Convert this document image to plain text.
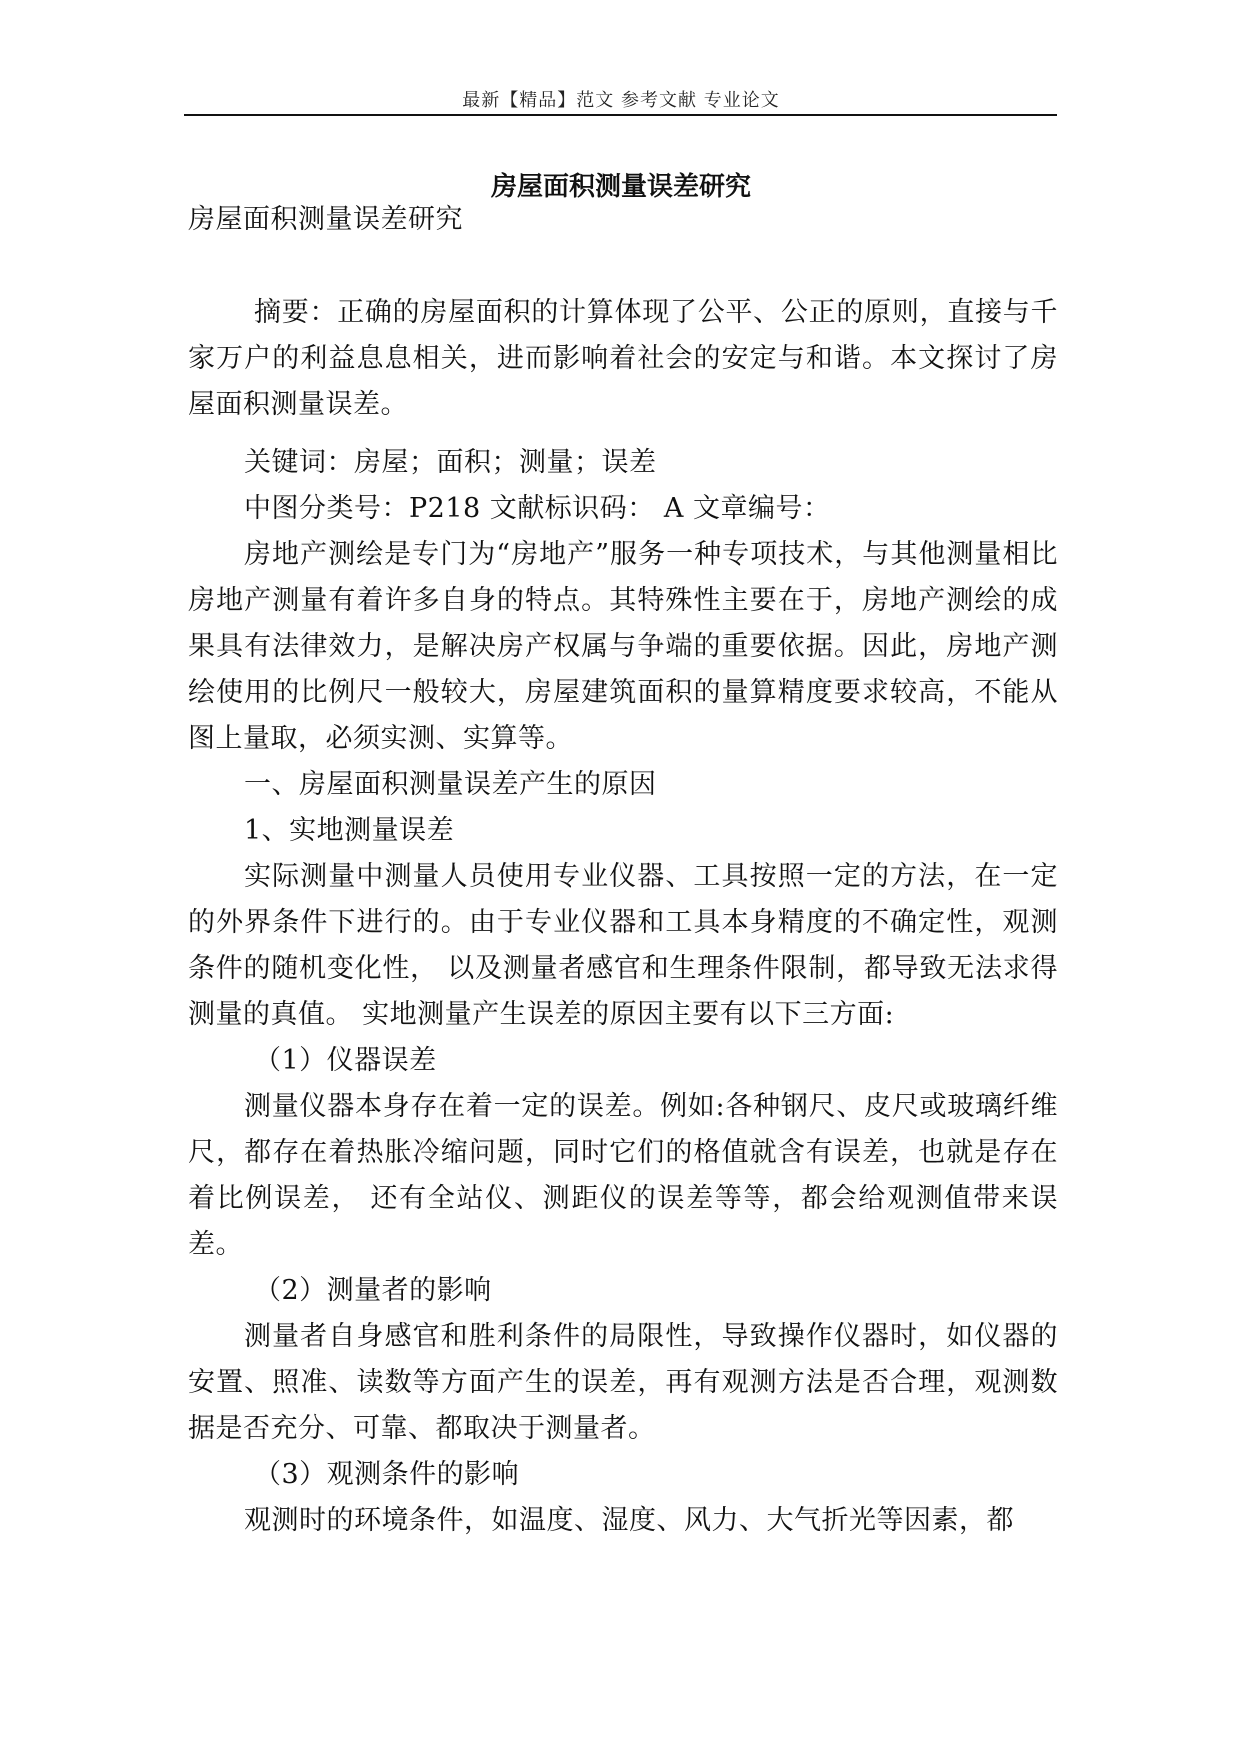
最新【精品】范文 参考文献 专业论文
房屋面积测量误差研究

房屋面积测量误差研究

摘要：正确的房屋面积的计算体现了公平、公正的原则，直接与千家万户的利益息息相关，进而影响着社会的安定与和谐。本文探讨了房屋面积测量误差。

关键词：房屋；面积；测量；误差

中图分类号：P218 文献标识码： A 文章编号：

房地产测绘是专门为“房地产”服务一种专项技术，与其他测量相比房地产测量有着许多自身的特点。其特殊性主要在于，房地产测绘的成果具有法律效力，是解决房产权属与争端的重要依据。因此，房地产测绘使用的比例尺一般较大，房屋建筑面积的量算精度要求较高，不能从图上量取，必须实测、实算等。

一、房屋面积测量误差产生的原因

1、实地测量误差

实际测量中测量人员使用专业仪器、工具按照一定的方法，在一定的外界条件下进行的。由于专业仪器和工具本身精度的不确定性，观测条件的随机变化性， 以及测量者感官和生理条件限制，都导致无法求得测量的真值。 实地测量产生误差的原因主要有以下三方面:

（1）仪器误差

测量仪器本身存在着一定的误差。例如:各种钢尺、皮尺或玻璃纤维尺，都存在着热胀冷缩问题，同时它们的格值就含有误差，也就是存在着比例误差， 还有全站仪、测距仪的误差等等，都会给观测值带来误差。

（2）测量者的影响

测量者自身感官和胜利条件的局限性，导致操作仪器时，如仪器的安置、照准、读数等方面产生的误差，再有观测方法是否合理，观测数据是否充分、可靠、都取决于测量者。

（3）观测条件的影响

观测时的环境条件，如温度、湿度、风力、大气折光等因素，都
